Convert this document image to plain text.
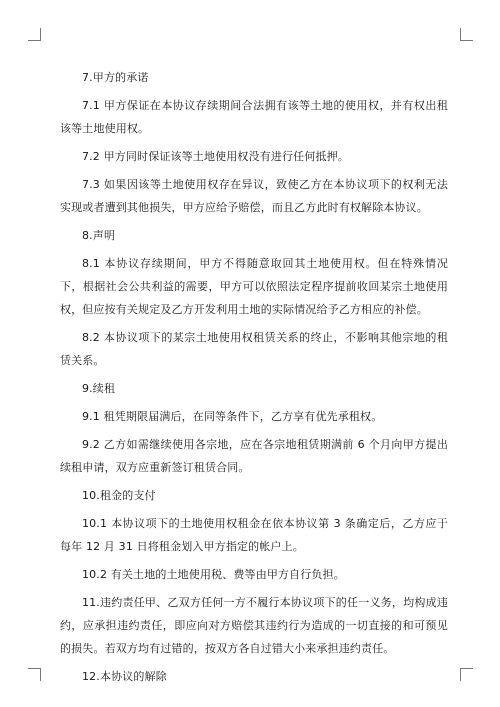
7.甲方的承诺

7.1 甲方保证在本协议存续期间合法拥有该等土地的使用权，并有权出租该等土地使用权。

7.2 甲方同时保证该等土地使用权没有进行任何抵押。

7.3 如果因该等土地使用权存在异议，致使乙方在本协议项下的权利无法实现或者遭到其他损失，甲方应给予赔偿，而且乙方此时有权解除本协议。

8.声明

8.1 本协议存续期间，甲方不得随意取回其土地使用权。但在特殊情况下，根据社会公共利益的需要，甲方可以依照法定程序提前收回某宗土地使用权，但应按有关规定及乙方开发利用土地的实际情况给予乙方相应的补偿。

8.2 本协议项下的某宗土地使用权租赁关系的终止，不影响其他宗地的租赁关系。

9.续租

9.1 租凭期限届满后，在同等条件下，乙方享有优先承租权。

9.2 乙方如需继续使用各宗地，应在各宗地租赁期满前 6 个月向甲方提出续租申请，双方应重新签订租赁合同。

10.租金的支付

10.1 本协议项下的土地使用权租金在依本协议第 3 条确定后，乙方应于每年 12 月 31 日将租金划入甲方指定的帐户上。

10.2 有关土地的土地使用税、费等由甲方自行负担。

11.违约责任甲、乙双方任何一方不履行本协议项下的任一义务，均构成违约，应承担违约责任，即应向对方赔偿其违约行为造成的一切直接的和可预见的损失。若双方均有过错的，按双方各自过错大小来承担违约责任。

12.本协议的解除
